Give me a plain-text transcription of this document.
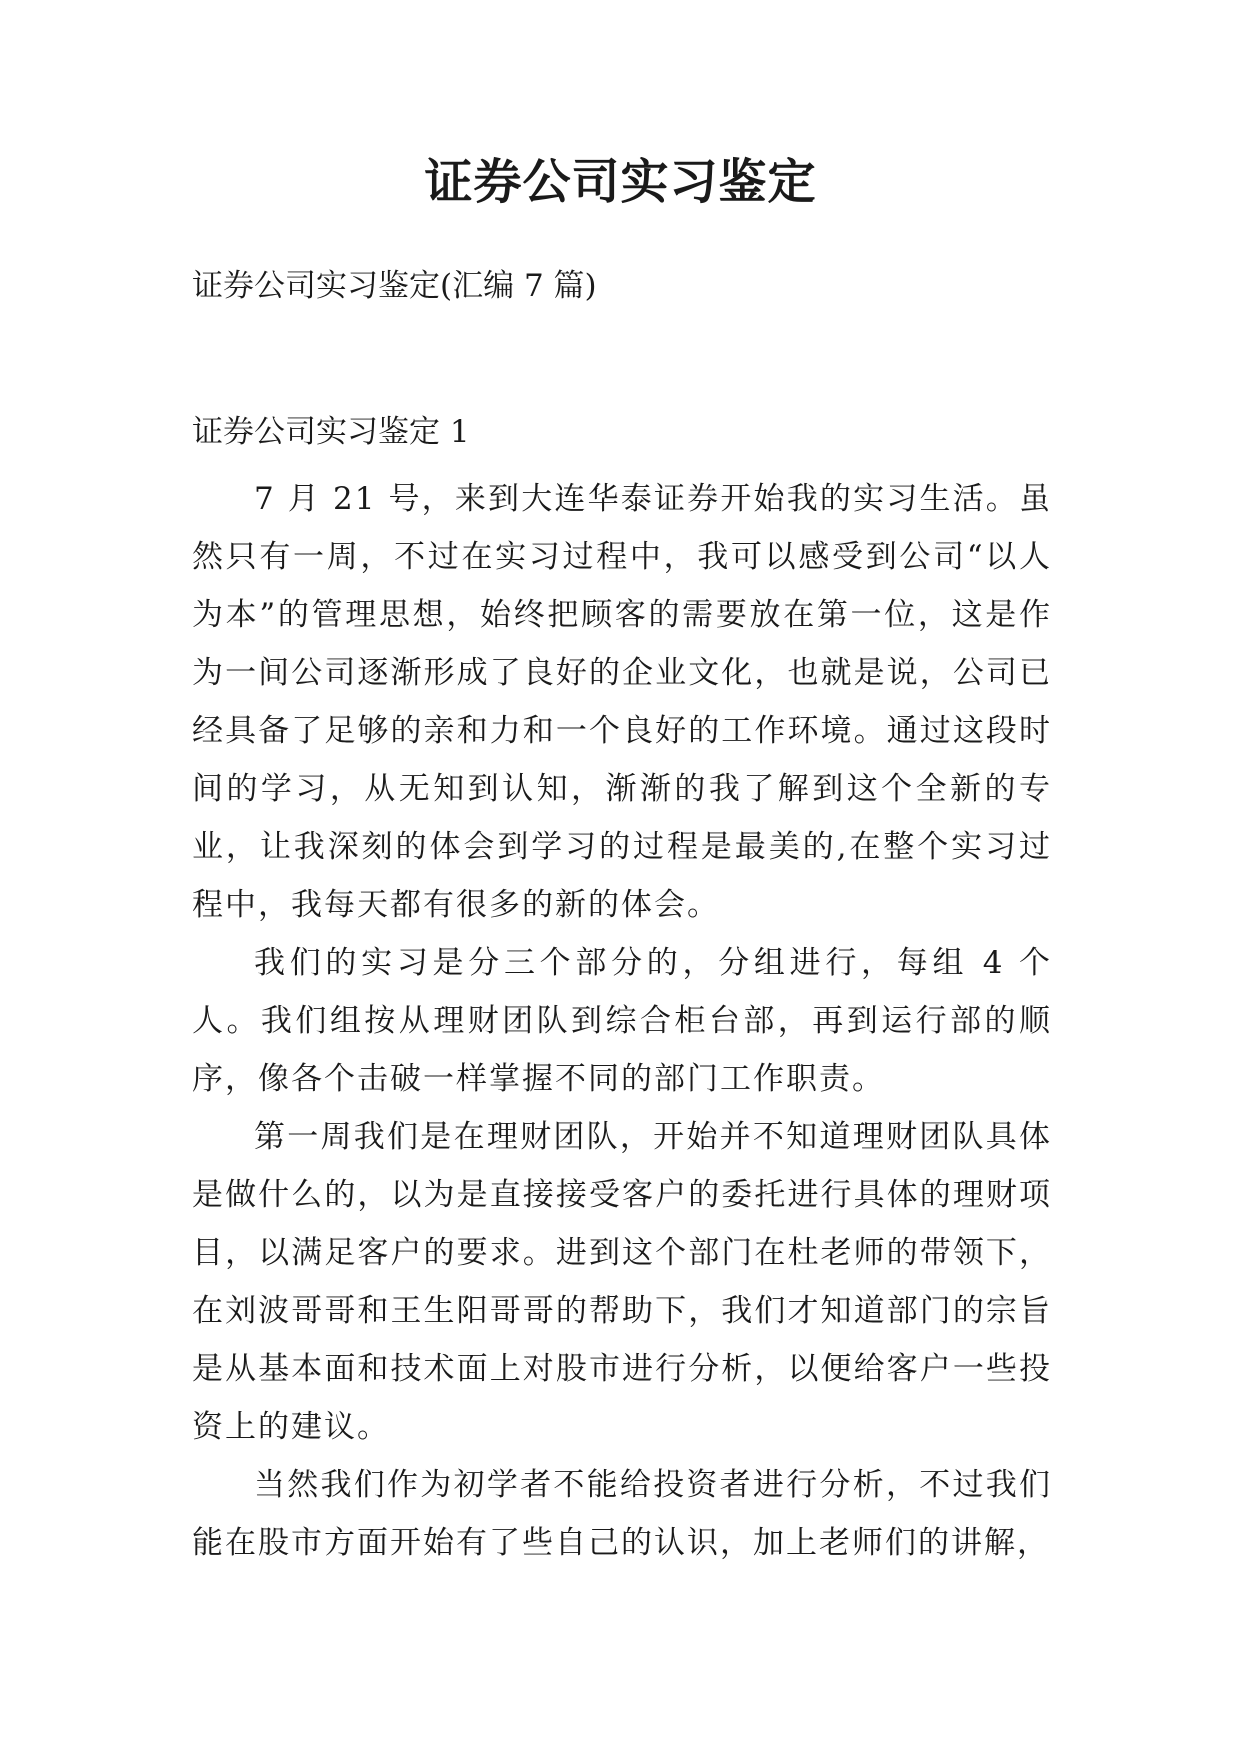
证券公司实习鉴定

证券公司实习鉴定(汇编 7 篇)

证券公司实习鉴定 1

7 月 21 号，来到大连华泰证券开始我的实习生活。虽然只有一周，不过在实习过程中，我可以感受到公司“以人为本”的管理思想，始终把顾客的需要放在第一位，这是作为一间公司逐渐形成了良好的企业文化，也就是说，公司已经具备了足够的亲和力和一个良好的工作环境。通过这段时间的学习，从无知到认知，渐渐的我了解到这个全新的专业，让我深刻的体会到学习的过程是最美的,在整个实习过程中，我每天都有很多的新的体会。

我们的实习是分三个部分的，分组进行，每组 4 个人。我们组按从理财团队到综合柜台部，再到运行部的顺序，像各个击破一样掌握不同的部门工作职责。

第一周我们是在理财团队，开始并不知道理财团队具体是做什么的，以为是直接接受客户的委托进行具体的理财项目，以满足客户的要求。进到这个部门在杜老师的带领下，在刘波哥哥和王生阳哥哥的帮助下，我们才知道部门的宗旨是从基本面和技术面上对股市进行分析，以便给客户一些投资上的建议。

当然我们作为初学者不能给投资者进行分析，不过我们能在股市方面开始有了些自己的认识，加上老师们的讲解，
